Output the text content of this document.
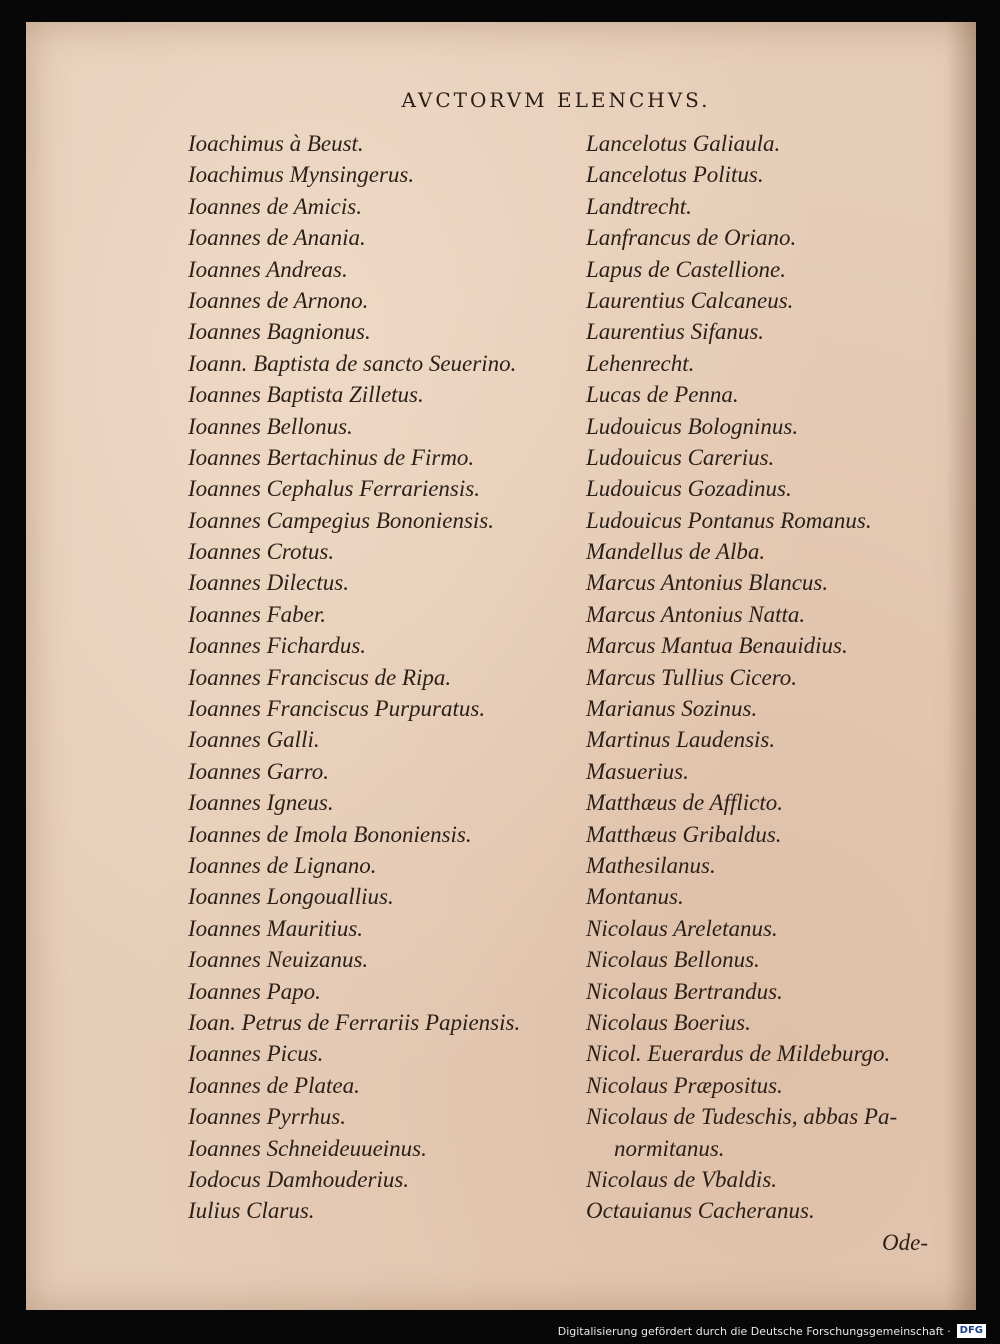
AVCTORVM ELENCHVS.
Ioachimus à Beust.
Ioachimus Mynsingerus.
Ioannes de Amicis.
Ioannes de Anania.
Ioannes Andreas.
Ioannes de Arnono.
Ioannes Bagnionus.
Ioann. Baptista de sancto Seuerino.
Ioannes Baptista Zilletus.
Ioannes Bellonus.
Ioannes Bertachinus de Firmo.
Ioannes Cephalus Ferrariensis.
Ioannes Campegius Bononiensis.
Ioannes Crotus.
Ioannes Dilectus.
Ioannes Faber.
Ioannes Fichardus.
Ioannes Franciscus de Ripa.
Ioannes Franciscus Purpuratus.
Ioannes Galli.
Ioannes Garro.
Ioannes Igneus.
Ioannes de Imola Bononiensis.
Ioannes de Lignano.
Ioannes Longouallius.
Ioannes Mauritius.
Ioannes Neuizanus.
Ioannes Papo.
Ioan. Petrus de Ferrariis Papiensis.
Ioannes Picus.
Ioannes de Platea.
Ioannes Pyrrhus.
Ioannes Schneideuueinus.
Iodocus Damhouderius.
Iulius Clarus.
Lancelotus Galiaula.
Lancelotus Politus.
Landtrecht.
Lanfrancus de Oriano.
Lapus de Castellione.
Laurentius Calcaneus.
Laurentius Sifanus.
Lehenrecht.
Lucas de Penna.
Ludouicus Bologninus.
Ludouicus Carerius.
Ludouicus Gozadinus.
Ludouicus Pontanus Romanus.
Mandellus de Alba.
Marcus Antonius Blancus.
Marcus Antonius Natta.
Marcus Mantua Benauidius.
Marcus Tullius Cicero.
Marianus Sozinus.
Martinus Laudensis.
Masuerius.
Matthæus de Afflicto.
Matthæus Gribaldus.
Mathesilanus.
Montanus.
Nicolaus Areletanus.
Nicolaus Bellonus.
Nicolaus Bertrandus.
Nicolaus Boerius.
Nicol. Euerardus de Mildeburgo.
Nicolaus Præpositus.
Nicolaus de Tudeschis, abbas Pa-
normitanus.
Nicolaus de Vbaldis.
Octauianus Cacheranus.
Ode-
Digitalisierung gefördert durch die Deutsche Forschungsgemeinschaft · DFG
